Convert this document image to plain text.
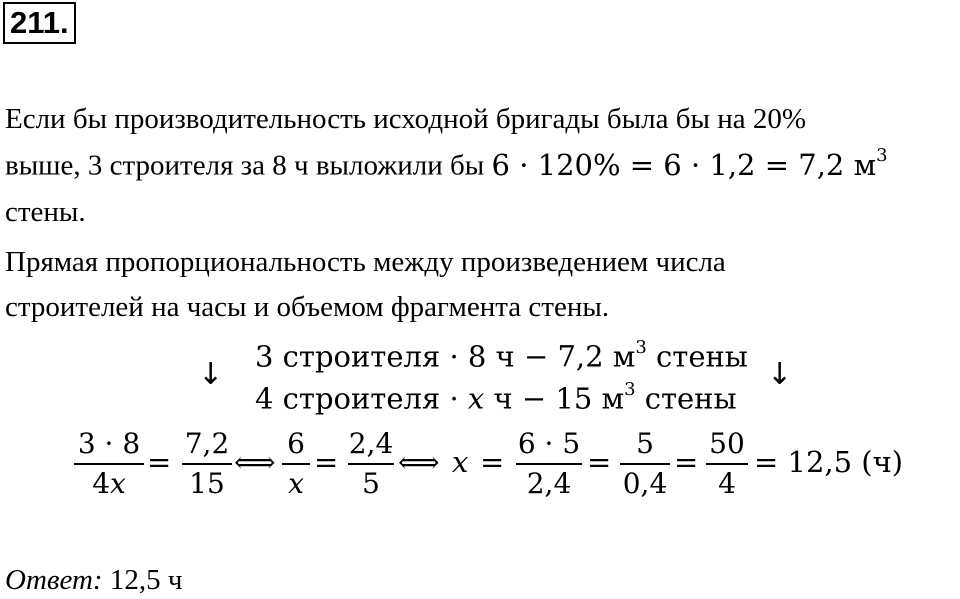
211.
Если бы производительность исходной бригады была бы на 20%
выше, 3 строителя за 8 ч выложили бы 6 · 120% = 6 · 1,2 = 7,2 $м^3$
стены.
Прямая пропорциональность между произведением числа
строителей на часы и объемом фрагмента стены.
↓	↓
3 строителя · 8 ч − 7,2 $м^3$ стены
4 строителя · x ч − 15 $м^3$ стены
3 · 8
4x
=
7,2
15
⟺
6
x
=
2,4
5
⟺ x =
6 · 5
2,4
=
5
0,4
=
50
4
= 12,5 (ч)
Ответ: 12,5 ч
